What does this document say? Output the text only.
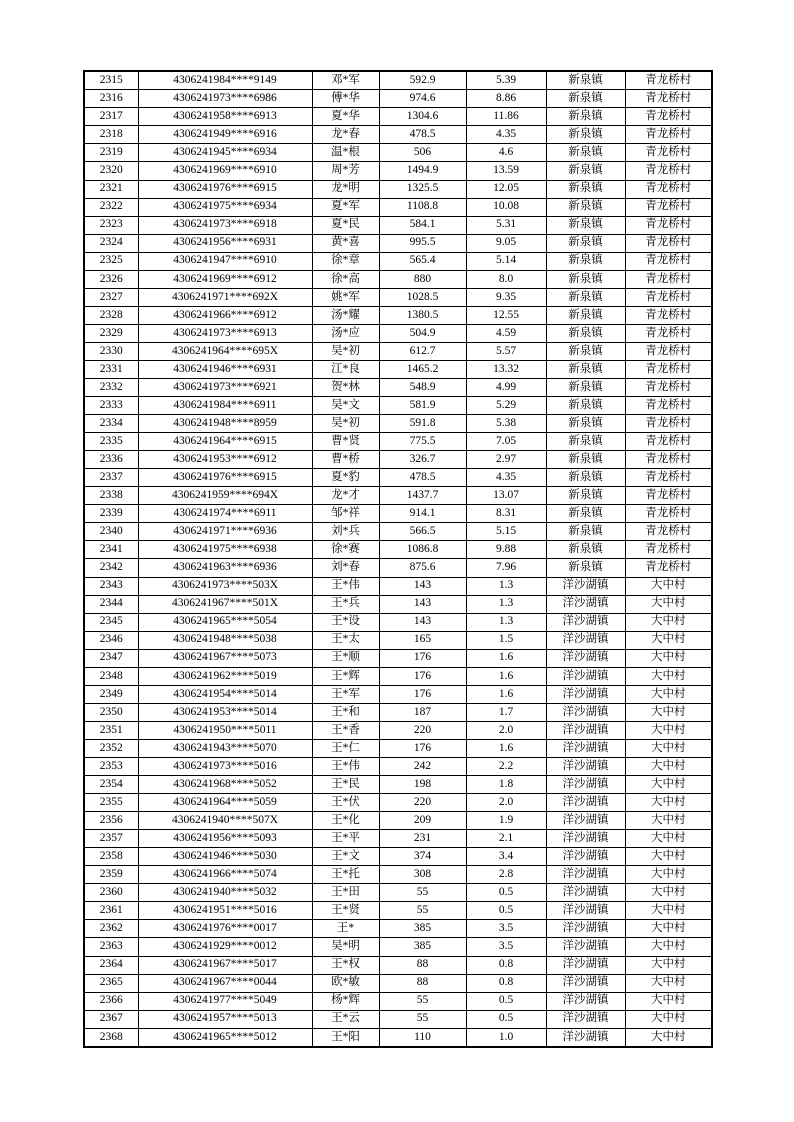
2315	4306241984****9149	邓*军	592.9	5.39	新泉镇	青龙桥村
2316	4306241973****6986	傅*华	974.6	8.86	新泉镇	青龙桥村
2317	4306241958****6913	夏*华	1304.6	11.86	新泉镇	青龙桥村
2318	4306241949****6916	龙*春	478.5	4.35	新泉镇	青龙桥村
2319	4306241945****6934	温*根	506	4.6	新泉镇	青龙桥村
2320	4306241969****6910	周*芳	1494.9	13.59	新泉镇	青龙桥村
2321	4306241976****6915	龙*明	1325.5	12.05	新泉镇	青龙桥村
2322	4306241975****6934	夏*军	1108.8	10.08	新泉镇	青龙桥村
2323	4306241973****6918	夏*民	584.1	5.31	新泉镇	青龙桥村
2324	4306241956****6931	黄*喜	995.5	9.05	新泉镇	青龙桥村
2325	4306241947****6910	徐*章	565.4	5.14	新泉镇	青龙桥村
2326	4306241969****6912	徐*高	880	8.0	新泉镇	青龙桥村
2327	4306241971****692X	姚*军	1028.5	9.35	新泉镇	青龙桥村
2328	4306241966****6912	汤*耀	1380.5	12.55	新泉镇	青龙桥村
2329	4306241973****6913	汤*应	504.9	4.59	新泉镇	青龙桥村
2330	4306241964****695X	吴*初	612.7	5.57	新泉镇	青龙桥村
2331	4306241946****6931	江*良	1465.2	13.32	新泉镇	青龙桥村
2332	4306241973****6921	贺*林	548.9	4.99	新泉镇	青龙桥村
2333	4306241984****6911	吴*文	581.9	5.29	新泉镇	青龙桥村
2334	4306241948****8959	吴*初	591.8	5.38	新泉镇	青龙桥村
2335	4306241964****6915	曹*贤	775.5	7.05	新泉镇	青龙桥村
2336	4306241953****6912	曹*桥	326.7	2.97	新泉镇	青龙桥村
2337	4306241976****6915	夏*豹	478.5	4.35	新泉镇	青龙桥村
2338	4306241959****694X	龙*才	1437.7	13.07	新泉镇	青龙桥村
2339	4306241974****6911	邹*祥	914.1	8.31	新泉镇	青龙桥村
2340	4306241971****6936	刘*兵	566.5	5.15	新泉镇	青龙桥村
2341	4306241975****6938	徐*赛	1086.8	9.88	新泉镇	青龙桥村
2342	4306241963****6936	刘*春	875.6	7.96	新泉镇	青龙桥村
2343	4306241973****503X	王*伟	143	1.3	洋沙湖镇	大中村
2344	4306241967****501X	王*兵	143	1.3	洋沙湖镇	大中村
2345	4306241965****5054	王*设	143	1.3	洋沙湖镇	大中村
2346	4306241948****5038	王*太	165	1.5	洋沙湖镇	大中村
2347	4306241967****5073	王*顺	176	1.6	洋沙湖镇	大中村
2348	4306241962****5019	王*辉	176	1.6	洋沙湖镇	大中村
2349	4306241954****5014	王*军	176	1.6	洋沙湖镇	大中村
2350	4306241953****5014	王*和	187	1.7	洋沙湖镇	大中村
2351	4306241950****5011	王*香	220	2.0	洋沙湖镇	大中村
2352	4306241943****5070	王*仁	176	1.6	洋沙湖镇	大中村
2353	4306241973****5016	王*伟	242	2.2	洋沙湖镇	大中村
2354	4306241968****5052	王*民	198	1.8	洋沙湖镇	大中村
2355	4306241964****5059	王*伏	220	2.0	洋沙湖镇	大中村
2356	4306241940****507X	王*化	209	1.9	洋沙湖镇	大中村
2357	4306241956****5093	王*平	231	2.1	洋沙湖镇	大中村
2358	4306241946****5030	王*文	374	3.4	洋沙湖镇	大中村
2359	4306241966****5074	王*托	308	2.8	洋沙湖镇	大中村
2360	4306241940****5032	王*田	55	0.5	洋沙湖镇	大中村
2361	4306241951****5016	王*贤	55	0.5	洋沙湖镇	大中村
2362	4306241976****0017	王*	385	3.5	洋沙湖镇	大中村
2363	4306241929****0012	吴*明	385	3.5	洋沙湖镇	大中村
2364	4306241967****5017	王*权	88	0.8	洋沙湖镇	大中村
2365	4306241967****0044	欧*敏	88	0.8	洋沙湖镇	大中村
2366	4306241977****5049	杨*辉	55	0.5	洋沙湖镇	大中村
2367	4306241957****5013	王*云	55	0.5	洋沙湖镇	大中村
2368	4306241965****5012	王*阳	110	1.0	洋沙湖镇	大中村
